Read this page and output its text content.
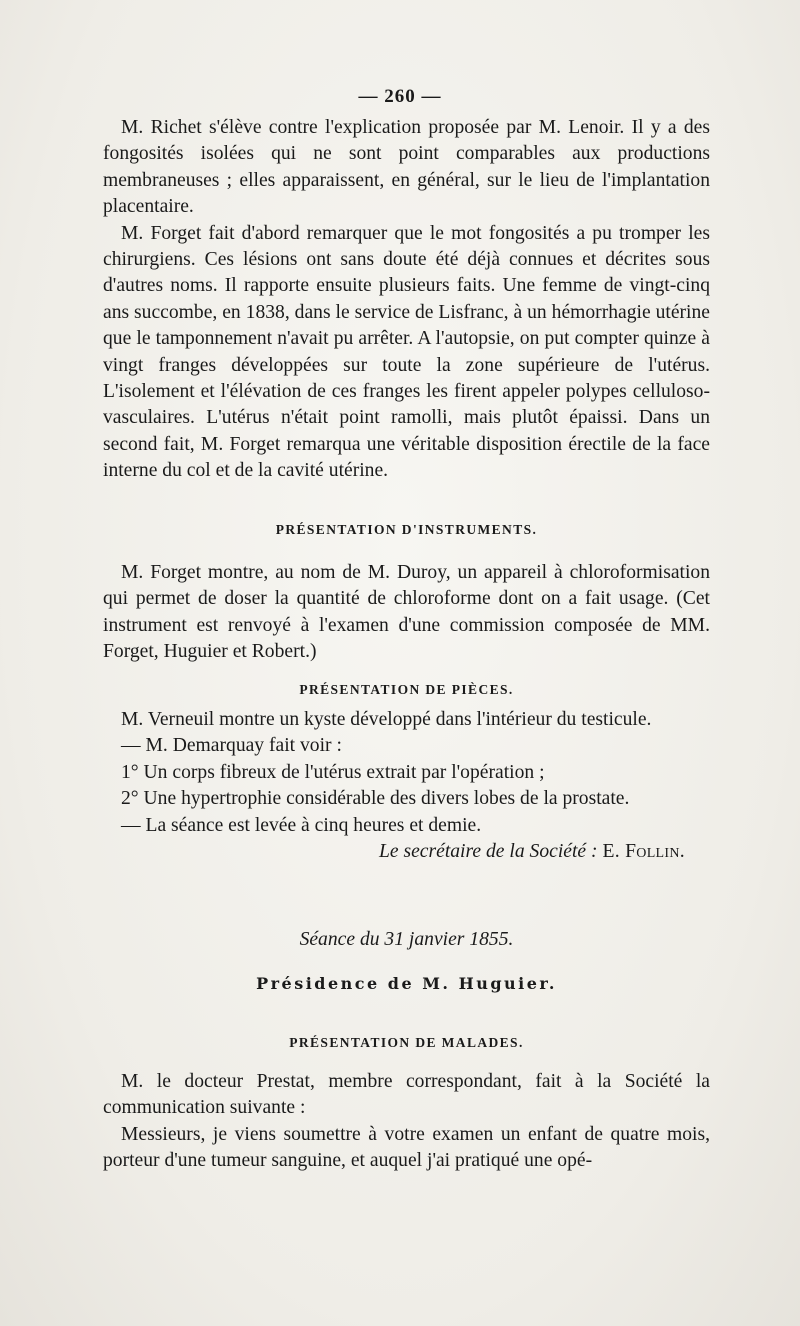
— 260 —

M. Richet s'élève contre l'explication proposée par M. Lenoir. Il y a des fongosités isolées qui ne sont point comparables aux productions membraneuses ; elles apparaissent, en général, sur le lieu de l'implantation placentaire.

M. Forget fait d'abord remarquer que le mot fongosités a pu tromper les chirurgiens. Ces lésions ont sans doute été déjà connues et décrites sous d'autres noms. Il rapporte ensuite plusieurs faits. Une femme de vingt-cinq ans succombe, en 1838, dans le service de Lisfranc, à un hémorrhagie utérine que le tamponnement n'avait pu arrêter. A l'autopsie, on put compter quinze à vingt franges développées sur toute la zone supérieure de l'utérus. L'isolement et l'élévation de ces franges les firent appeler polypes celluloso-vasculaires. L'utérus n'était point ramolli, mais plutôt épaissi. Dans un second fait, M. Forget remarqua une véritable disposition érectile de la face interne du col et de la cavité utérine.

PRÉSENTATION D'INSTRUMENTS.

M. Forget montre, au nom de M. Duroy, un appareil à chloroformisation qui permet de doser la quantité de chloroforme dont on a fait usage. (Cet instrument est renvoyé à l'examen d'une commission composée de MM. Forget, Huguier et Robert.)

PRÉSENTATION DE PIÈCES.

M. Verneuil montre un kyste développé dans l'intérieur du testicule.

— M. Demarquay fait voir :

1° Un corps fibreux de l'utérus extrait par l'opération ;

2° Une hypertrophie considérable des divers lobes de la prostate.

— La séance est levée à cinq heures et demie.

Le secrétaire de la Société : E. Follin.

Séance du 31 janvier 1855.

Présidence de M. Huguier.

PRÉSENTATION DE MALADES.

M. le docteur Prestat, membre correspondant, fait à la Société la communication suivante :

Messieurs, je viens soumettre à votre examen un enfant de quatre mois, porteur d'une tumeur sanguine, et auquel j'ai pratiqué une opé-
